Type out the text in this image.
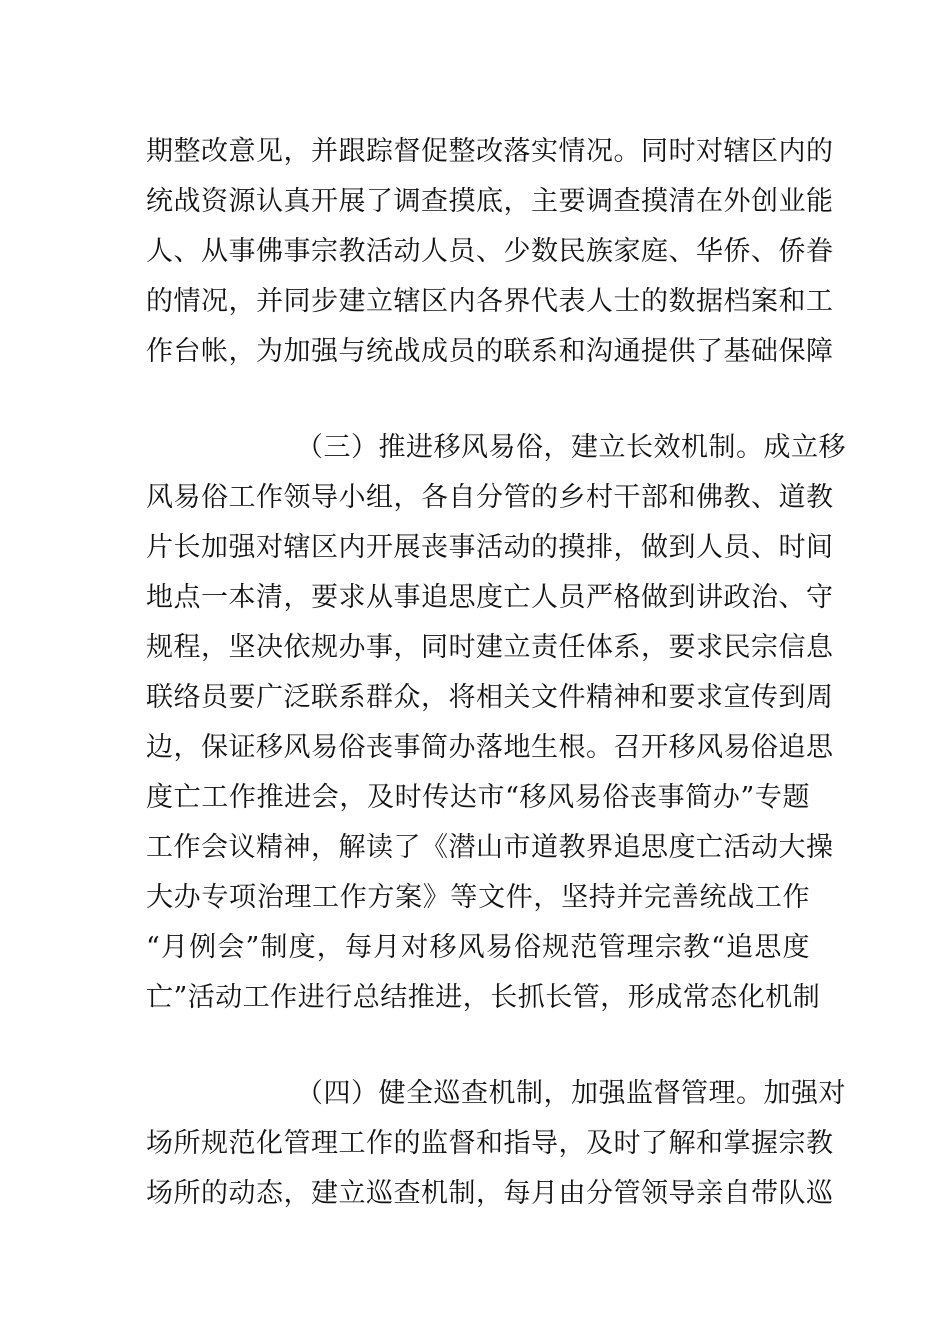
期整改意见，并跟踪督促整改落实情况。同时对辖区内的
统战资源认真开展了调查摸底，主要调查摸清在外创业能
人、从事佛事宗教活动人员、少数民族家庭、华侨、侨眷
的情况，并同步建立辖区内各界代表人士的数据档案和工
作台帐，为加强与统战成员的联系和沟通提供了基础保障
（三）推进移风易俗，建立长效机制。成立移
风易俗工作领导小组，各自分管的乡村干部和佛教、道教
片长加强对辖区内开展丧事活动的摸排，做到人员、时间
地点一本清，要求从事追思度亡人员严格做到讲政治、守
规程，坚决依规办事，同时建立责任体系，要求民宗信息
联络员要广泛联系群众，将相关文件精神和要求宣传到周
边，保证移风易俗丧事简办落地生根。召开移风易俗追思
度亡工作推进会，及时传达市“移风易俗丧事简办”专题
工作会议精神，解读了《潜山市道教界追思度亡活动大操
大办专项治理工作方案》等文件，坚持并完善统战工作
“月例会”制度，每月对移风易俗规范管理宗教“追思度
亡”活动工作进行总结推进，长抓长管，形成常态化机制
（四）健全巡查机制，加强监督管理。加强对
场所规范化管理工作的监督和指导，及时了解和掌握宗教
场所的动态，建立巡查机制，每月由分管领导亲自带队巡
